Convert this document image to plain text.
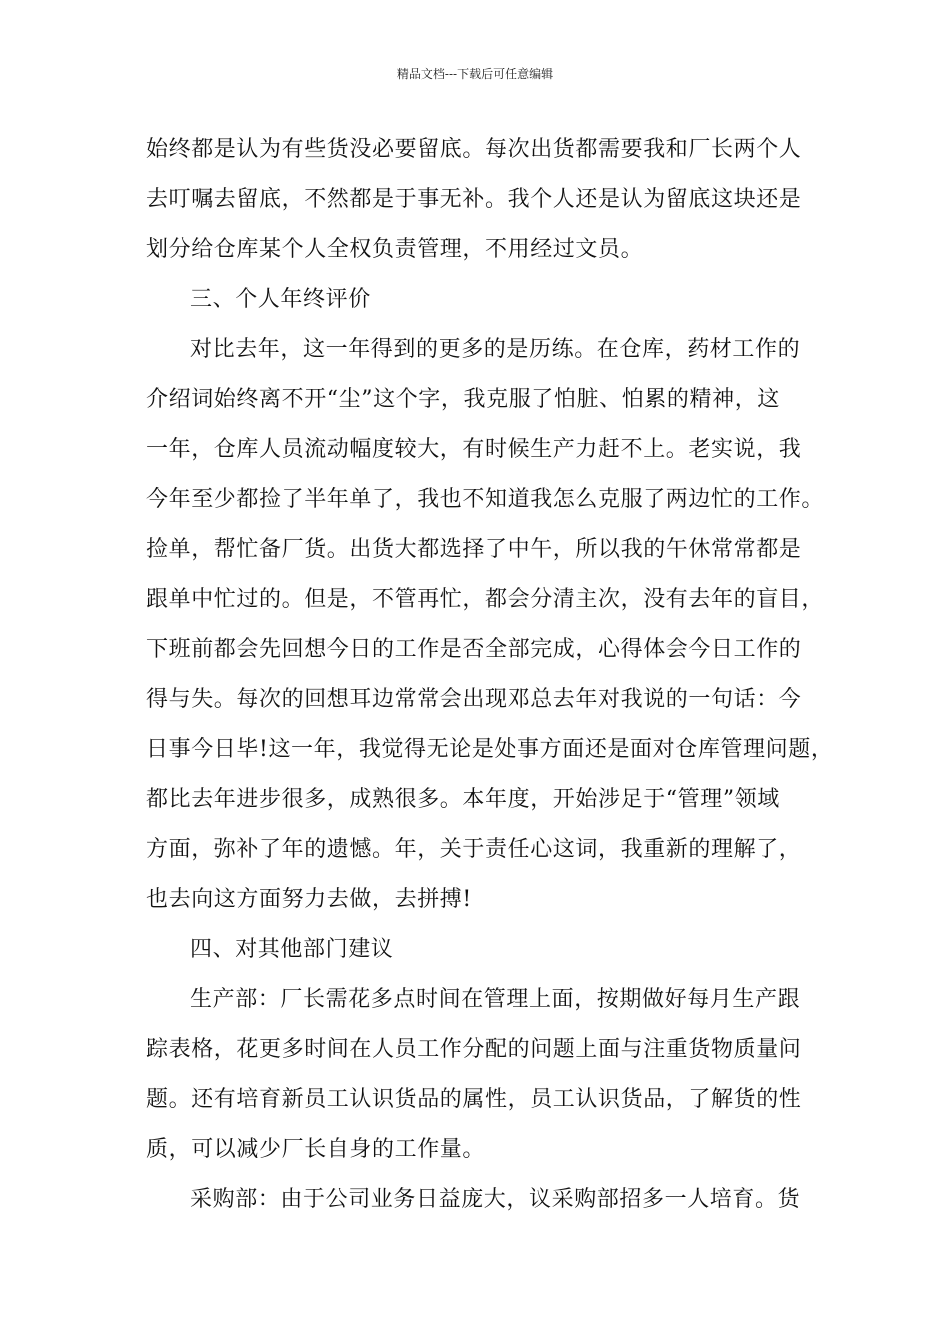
精品文档---下载后可任意编辑
始终都是认为有些货没必要留底。每次出货都需要我和厂长两个人
去叮嘱去留底，不然都是于事无补。我个人还是认为留底这块还是
划分给仓库某个人全权负责管理，不用经过文员。
三、个人年终评价
对比去年，这一年得到的更多的是历练。在仓库，药材工作的
介绍词始终离不开“尘”这个字，我克服了怕脏、怕累的精神，这
一年，仓库人员流动幅度较大，有时候生产力赶不上。老实说，我
今年至少都捡了半年单了，我也不知道我怎么克服了两边忙的工作。
捡单，帮忙备厂货。出货大都选择了中午，所以我的午休常常都是
跟单中忙过的。但是，不管再忙，都会分清主次，没有去年的盲目，
下班前都会先回想今日的工作是否全部完成，心得体会今日工作的
得与失。每次的回想耳边常常会出现邓总去年对我说的一句话：今
日事今日毕!这一年，我觉得无论是处事方面还是面对仓库管理问题，
都比去年进步很多，成熟很多。本年度，开始涉足于“管理”领域
方面，弥补了年的遗憾。年，关于责任心这词，我重新的理解了，
也去向这方面努力去做，去拼搏!
四、对其他部门建议
生产部：厂长需花多点时间在管理上面，按期做好每月生产跟
踪表格，花更多时间在人员工作分配的问题上面与注重货物质量问
题。还有培育新员工认识货品的属性，员工认识货品，了解货的性
质，可以减少厂长自身的工作量。
采购部：由于公司业务日益庞大，议采购部招多一人培育。货
